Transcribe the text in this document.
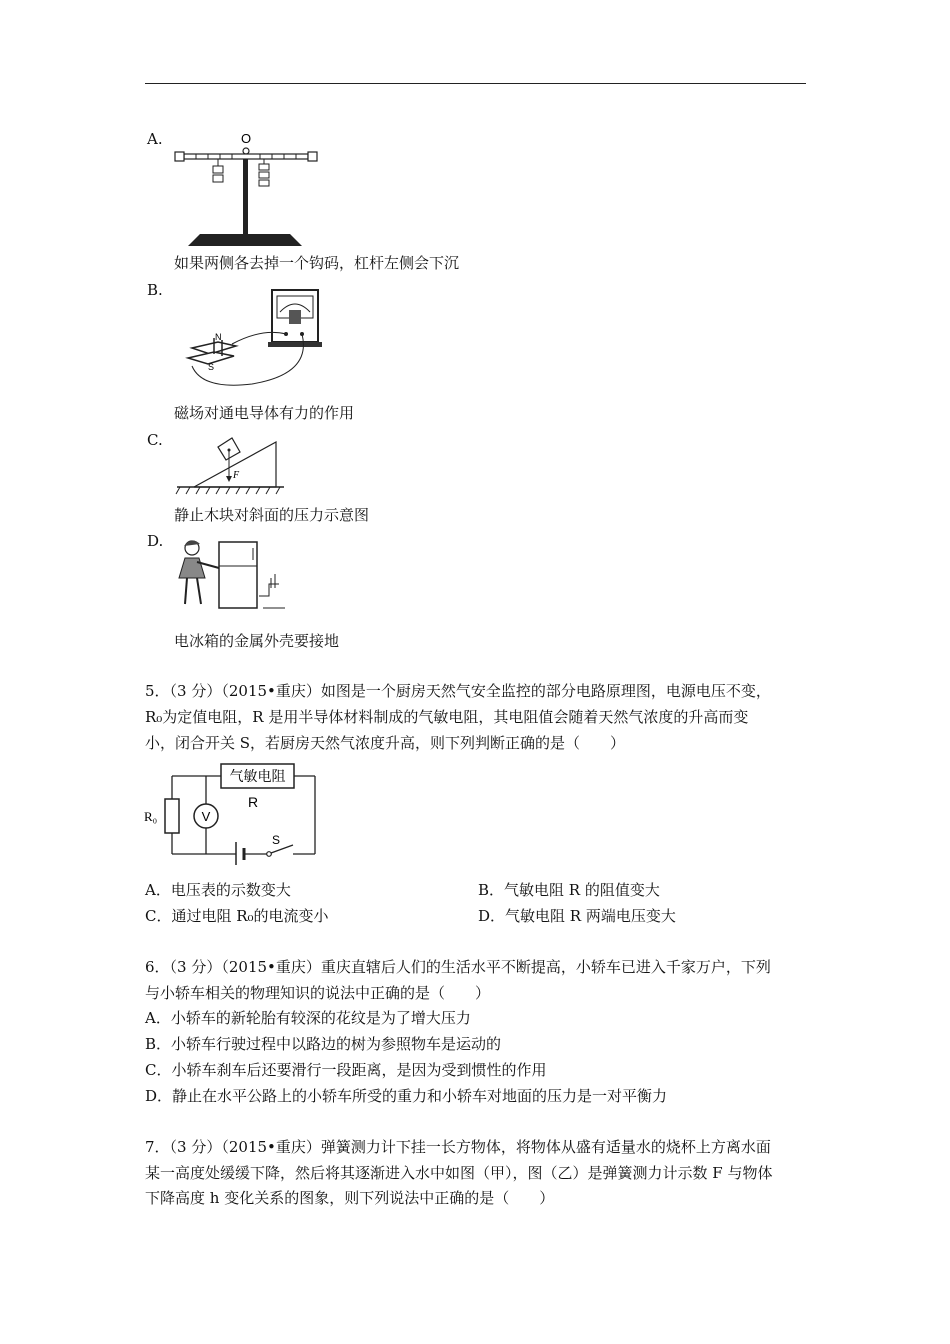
A.	O
如果两侧各去掉一个钩码，杠杆左侧会下沉
B.
N
S
磁场对通电导体有力的作用
C.
F
静止木块对斜面的压力示意图
D.
电冰箱的金属外壳要接地
5．（3 分）（2015•重庆）如图是一个厨房天然气安全监控的部分电路原理图，电源电压不变，
R₀为定值电阻，R 是用半导体材料制成的气敏电阻，其电阻值会随着天然气浓度的升高而变
小，闭合开关 S，若厨房天然气浓度升高，则下列判断正确的是（　　）
气敏电阻
R
R₀	V
S
A．电压表的示数变大	B．气敏电阻 R 的阻值变大
C．通过电阻 R₀的电流变小	D．气敏电阻 R 两端电压变大
6．（3 分）（2015•重庆）重庆直辖后人们的生活水平不断提高，小轿车已进入千家万户，下列
与小轿车相关的物理知识的说法中正确的是（　　）
A．小轿车的新轮胎有较深的花纹是为了增大压力
B．小轿车行驶过程中以路边的树为参照物车是运动的
C．小轿车刹车后还要滑行一段距离，是因为受到惯性的作用
D．静止在水平公路上的小轿车所受的重力和小轿车对地面的压力是一对平衡力
7．（3 分）（2015•重庆）弹簧测力计下挂一长方物体，将物体从盛有适量水的烧杯上方离水面
某一高度处缓缓下降，然后将其逐渐进入水中如图（甲），图（乙）是弹簧测力计示数 F 与物体
下降高度 h 变化关系的图象，则下列说法中正确的是（　　）
